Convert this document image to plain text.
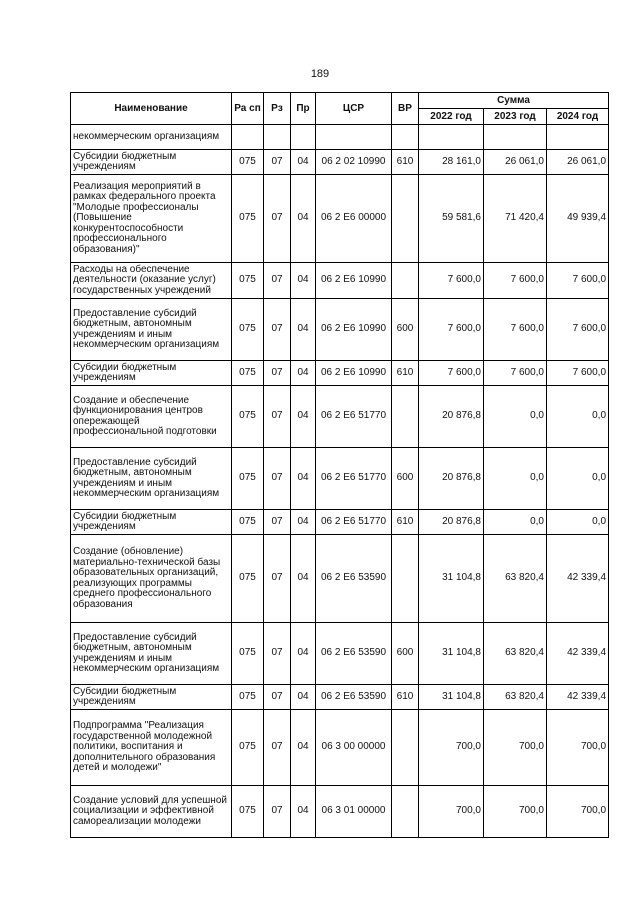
189
Наименование	Ра сп	Рз	Пр	ЦСР	ВР	Сумма		
						2022 год	2023 год	2024 год
некоммерческим организациям								
Субсидии бюджетным учреждениям	075	07	04	06 2 02 10990	610	28 161,0	26 061,0	26 061,0
Реализация мероприятий в рамках федерального проекта "Молодые профессионалы (Повышение конкурентоспособности профессионального образования)"	075	07	04	06 2 Е6 00000		59 581,6	71 420,4	49 939,4
Расходы на обеспечение деятельности (оказание услуг) государственных учреждений	075	07	04	06 2 Е6 10990		7 600,0	7 600,0	7 600,0
Предоставление субсидий бюджетным, автономным учреждениям и иным некоммерческим организациям	075	07	04	06 2 Е6 10990	600	7 600,0	7 600,0	7 600,0
Субсидии бюджетным учреждениям	075	07	04	06 2 Е6 10990	610	7 600,0	7 600,0	7 600,0
Создание и обеспечение функционирования центров опережающей профессиональной подготовки	075	07	04	06 2 Е6 51770		20 876,8	0,0	0,0
Предоставление субсидий бюджетным, автономным учреждениям и иным некоммерческим организациям	075	07	04	06 2 Е6 51770	600	20 876,8	0,0	0,0
Субсидии бюджетным учреждениям	075	07	04	06 2 Е6 51770	610	20 876,8	0,0	0,0
Создание (обновление) материально-технической базы образовательных организаций, реализующих программы среднего профессионального образования	075	07	04	06 2 Е6 53590		31 104,8	63 820,4	42 339,4
Предоставление субсидий бюджетным, автономным учреждениям и иным некоммерческим организациям	075	07	04	06 2 Е6 53590	600	31 104,8	63 820,4	42 339,4
Субсидии бюджетным учреждениям	075	07	04	06 2 Е6 53590	610	31 104,8	63 820,4	42 339,4
Подпрограмма "Реализация государственной молодежной политики, воспитания и дополнительного образования детей и молодежи"	075	07	04	06 3 00 00000		700,0	700,0	700,0
Создание условий для успешной социализации и эффективной самореализации молодежи	075	07	04	06 3 01 00000		700,0	700,0	700,0
